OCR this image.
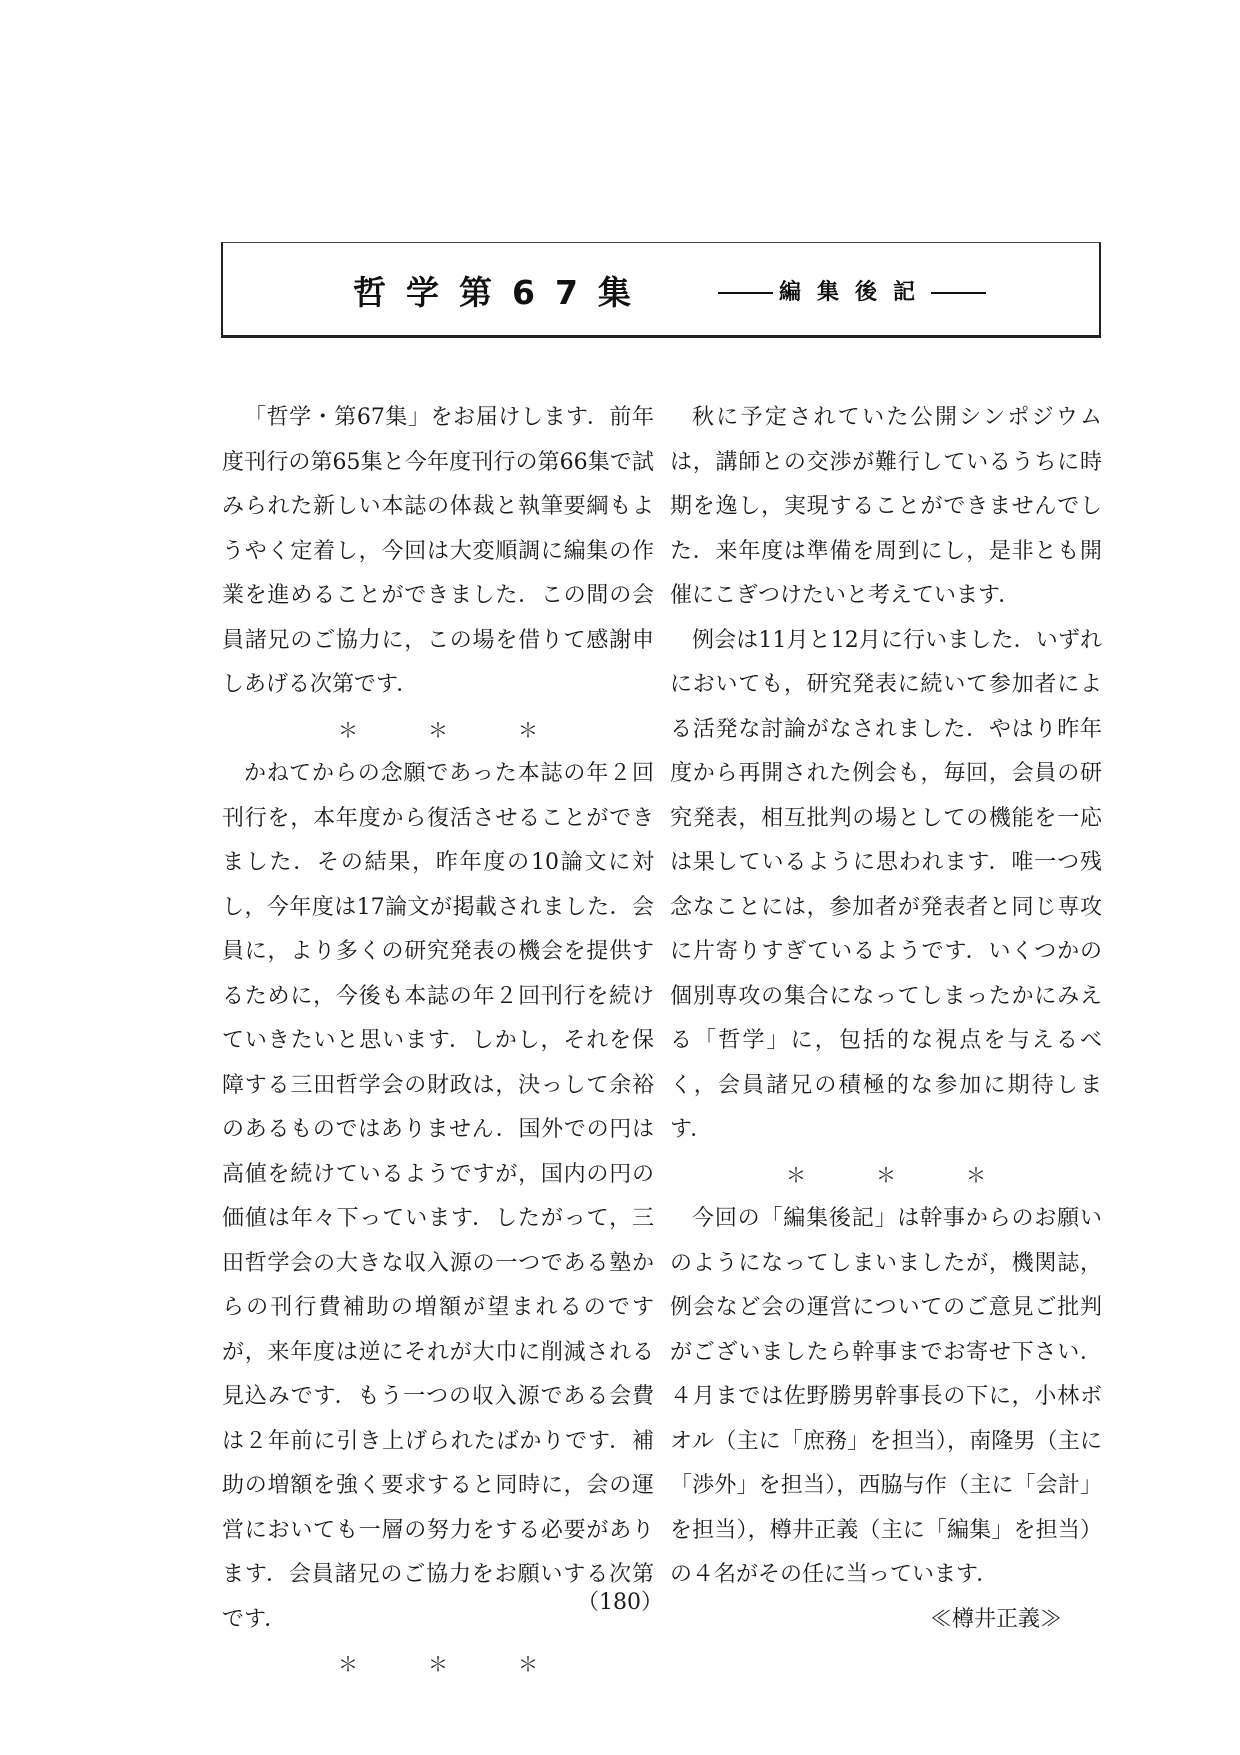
哲学第67集	編集後記

「哲学・第67集」をお届けします．前年度刊行の第65集と今年度刊行の第66集で試みられた新しい本誌の体裁と執筆要綱もようやく定着し，今回は大変順調に編集の作業を進めることができました．この間の会員諸兄のご協力に，この場を借りて感謝申しあげる次第です．

＊＊＊

かねてからの念願であった本誌の年２回刊行を，本年度から復活させることができました．その結果，昨年度の10論文に対し，今年度は17論文が掲載されました．会員に，より多くの研究発表の機会を提供するために，今後も本誌の年２回刊行を続けていきたいと思います．しかし，それを保障する三田哲学会の財政は，決っして余裕のあるものではありません．国外での円は高値を続けているようですが，国内の円の価値は年々下っています．したがって，三田哲学会の大きな収入源の一つである塾からの刊行費補助の増額が望まれるのですが，来年度は逆にそれが大巾に削減される見込みです．もう一つの収入源である会費は２年前に引き上げられたばかりです．補助の増額を強く要求すると同時に，会の運営においても一層の努力をする必要があります．会員諸兄のご協力をお願いする次第です．

＊＊＊

秋に予定されていた公開シンポジウムは，講師との交渉が難行しているうちに時期を逸し，実現することができませんでした．来年度は準備を周到にし，是非とも開催にこぎつけたいと考えています．

例会は11月と12月に行いました．いずれにおいても，研究発表に続いて参加者による活発な討論がなされました．やはり昨年度から再開された例会も，毎回，会員の研究発表，相互批判の場としての機能を一応は果しているように思われます．唯一つ残念なことには，参加者が発表者と同じ専攻に片寄りすぎているようです．いくつかの個別専攻の集合になってしまったかにみえる「哲学」に，包括的な視点を与えるべく，会員諸兄の積極的な参加に期待します．

＊＊＊

今回の「編集後記」は幹事からのお願いのようになってしまいましたが，機関誌，例会など会の運営についてのご意見ご批判がございましたら幹事までお寄せ下さい．４月までは佐野勝男幹事長の下に，小林ボオル（主に「庶務」を担当），南隆男（主に「渉外」を担当），西脇与作（主に「会計」を担当），樽井正義（主に「編集」を担当）の４名がその任に当っています．

≪樽井正義≫

（180）
